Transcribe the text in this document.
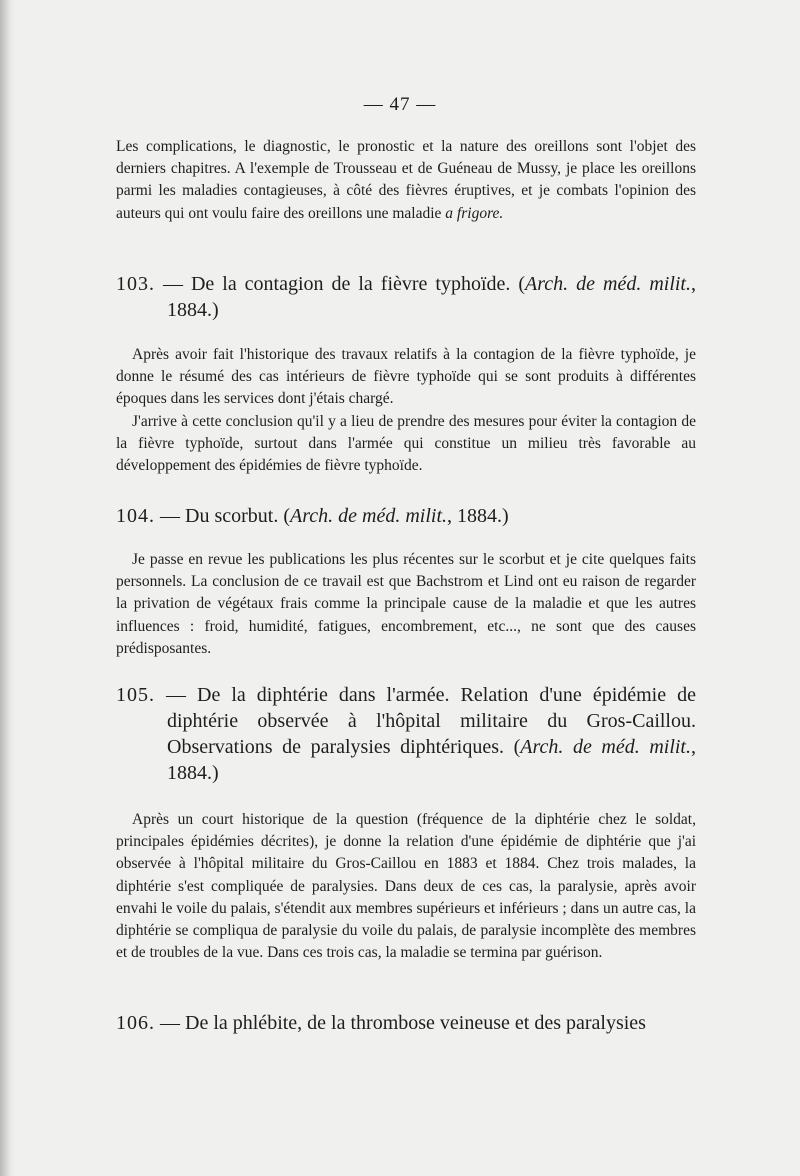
— 47 —

Les complications, le diagnostic, le pronostic et la nature des oreillons sont l'objet des derniers chapitres. A l'exemple de Trousseau et de Guéneau de Mussy, je place les oreillons parmi les maladies contagieuses, à côté des fièvres éruptives, et je combats l'opinion des auteurs qui ont voulu faire des oreillons une maladie a frigore.

103. — De la contagion de la fièvre typhoïde. (Arch. de méd. milit., 1884.)

Après avoir fait l'historique des travaux relatifs à la contagion de la fièvre typhoïde, je donne le résumé des cas intérieurs de fièvre typhoïde qui se sont produits à différentes époques dans les services dont j'étais chargé.

J'arrive à cette conclusion qu'il y a lieu de prendre des mesures pour éviter la contagion de la fièvre typhoïde, surtout dans l'armée qui constitue un milieu très favorable au développement des épidémies de fièvre typhoïde.

104. — Du scorbut. (Arch. de méd. milit., 1884.)

Je passe en revue les publications les plus récentes sur le scorbut et je cite quelques faits personnels. La conclusion de ce travail est que Bachstrom et Lind ont eu raison de regarder la privation de végétaux frais comme la principale cause de la maladie et que les autres influences : froid, humidité, fatigues, encombrement, etc..., ne sont que des causes prédisposantes.

105. — De la diphtérie dans l'armée. Relation d'une épidémie de diphtérie observée à l'hôpital militaire du Gros-Caillou. Observations de paralysies diphtériques. (Arch. de méd. milit., 1884.)

Après un court historique de la question (fréquence de la diphtérie chez le soldat, principales épidémies décrites), je donne la relation d'une épidémie de diphtérie que j'ai observée à l'hôpital militaire du Gros-Caillou en 1883 et 1884. Chez trois malades, la diphtérie s'est compliquée de paralysies. Dans deux de ces cas, la paralysie, après avoir envahi le voile du palais, s'étendit aux membres supérieurs et inférieurs ; dans un autre cas, la diphtérie se compliqua de paralysie du voile du palais, de paralysie incomplète des membres et de troubles de la vue. Dans ces trois cas, la maladie se termina par guérison.

106. — De la phlébite, de la thrombose veineuse et des paralysies
